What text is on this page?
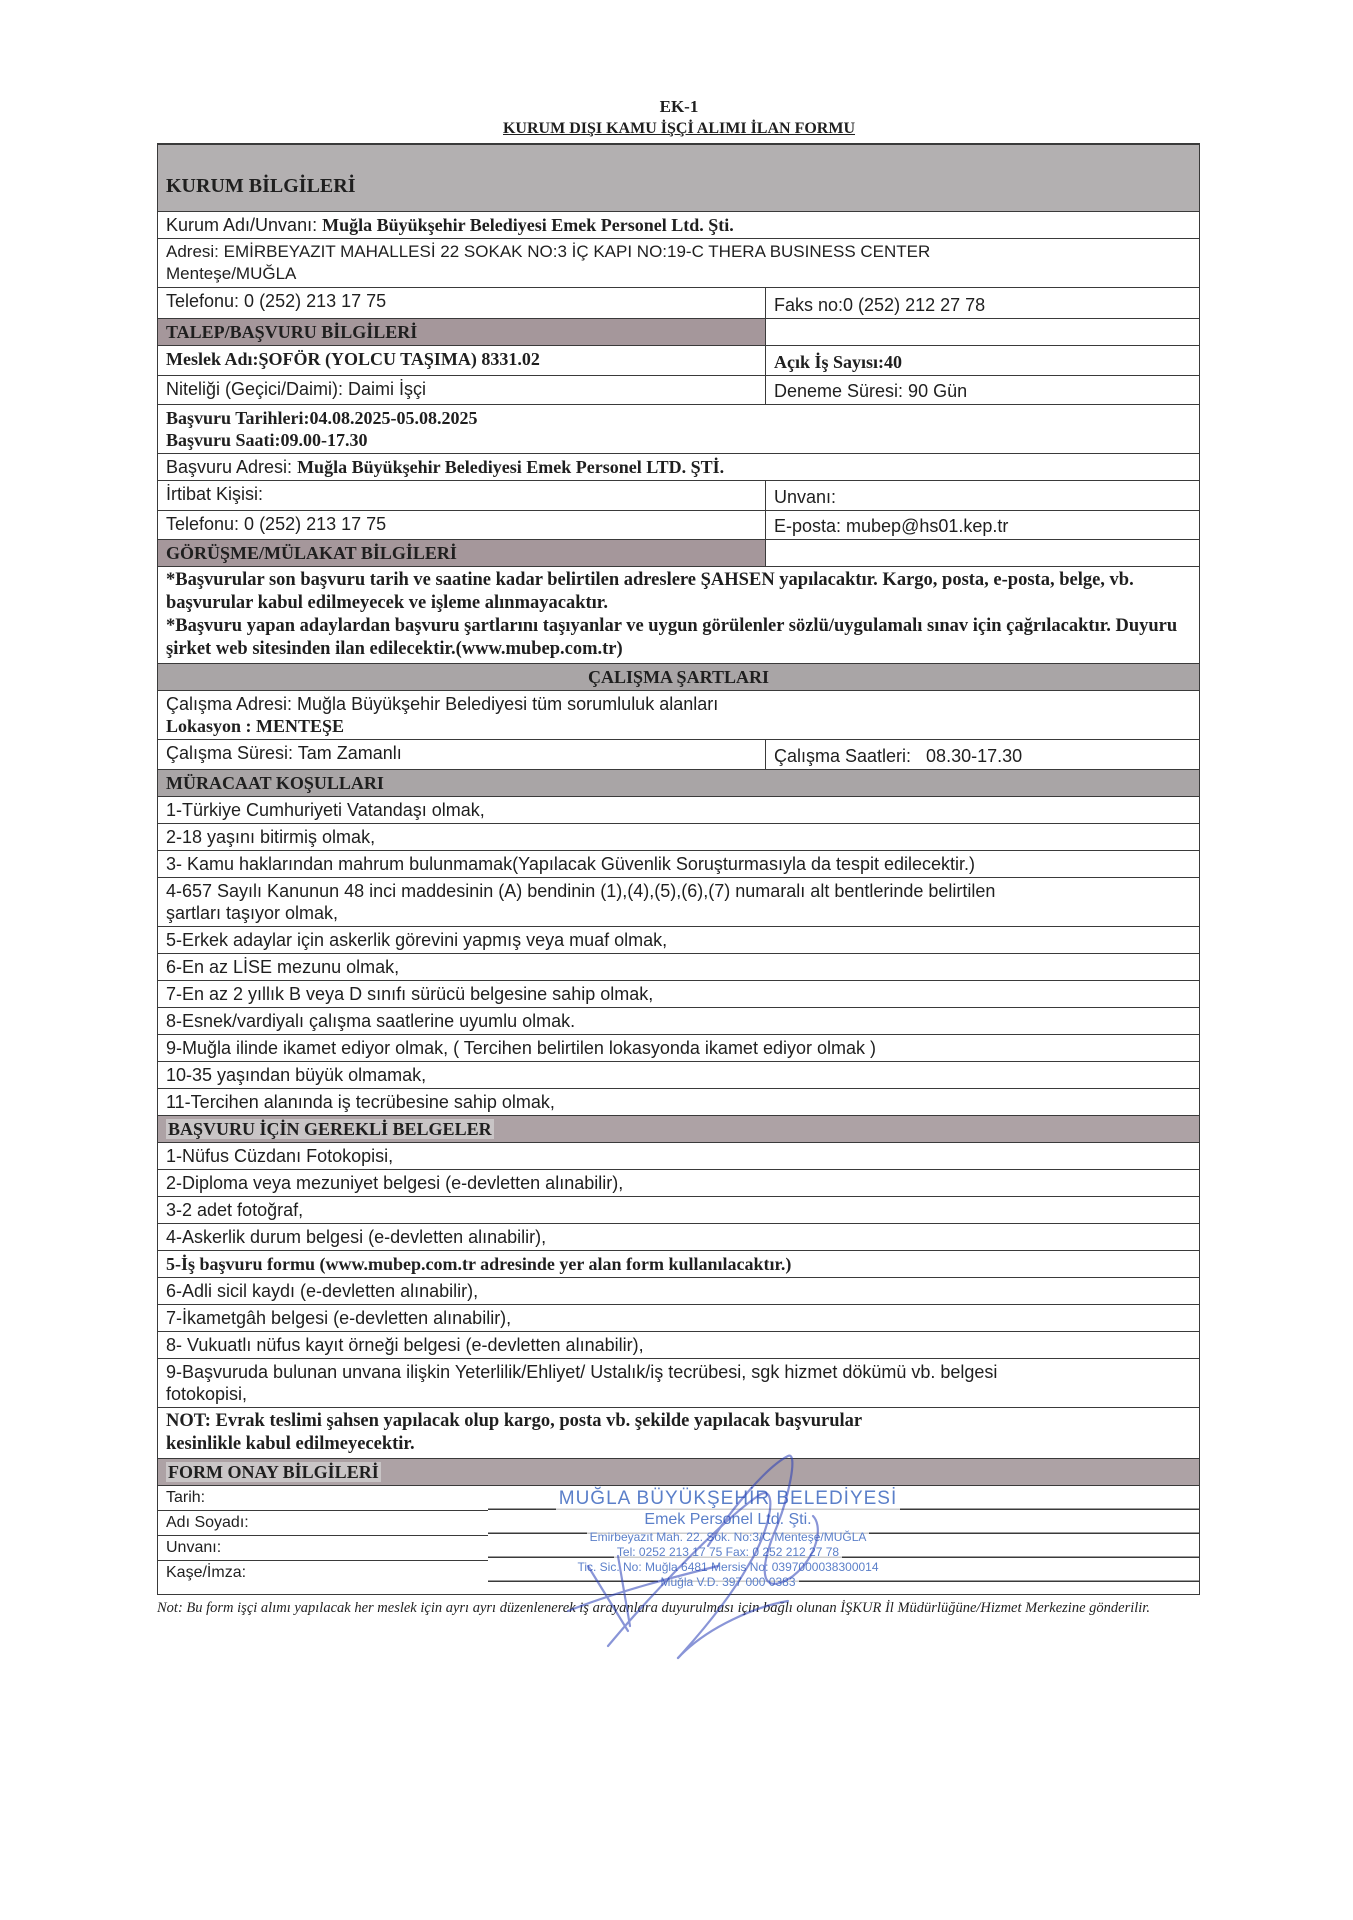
EK-1
KURUM DIŞI KAMU İŞÇİ ALIMI İLAN FORMU
KURUM BİLGİLERİ
Kurum Adı/Unvanı: Muğla Büyükşehir Belediyesi Emek Personel Ltd. Şti.
Adresi: EMİRBEYAZIT MAHALLESİ 22 SOKAK NO:3 İÇ KAPI NO:19-C THERA BUSINESS CENTER
Menteşe/MUĞLA
Telefonu: 0 (252) 213 17 75	Faks no:0 (252) 212 27 78
TALEP/BAŞVURU BİLGİLERİ
Meslek Adı:ŞOFÖR (YOLCU TAŞIMA) 8331.02	Açık İş Sayısı:40
Niteliği (Geçici/Daimi): Daimi İşçi	Deneme Süresi: 90 Gün
Başvuru Tarihleri:04.08.2025-05.08.2025
Başvuru Saati:09.00-17.30
Başvuru Adresi: Muğla Büyükşehir Belediyesi Emek Personel LTD. ŞTİ.
İrtibat Kişisi:	Unvanı:
Telefonu: 0 (252) 213 17 75	E-posta: mubep@hs01.kep.tr
GÖRÜŞME/MÜLAKAT BİLGİLERİ
*Başvurular son başvuru tarih ve saatine kadar belirtilen adreslere ŞAHSEN yapılacaktır. Kargo, posta, e-posta, belge, vb. başvurular kabul edilmeyecek ve işleme alınmayacaktır.
*Başvuru yapan adaylardan başvuru şartlarını taşıyanlar ve uygun görülenler sözlü/uygulamalı sınav için çağrılacaktır. Duyuru şirket web sitesinden ilan edilecektir.(www.mubep.com.tr)
ÇALIŞMA ŞARTLARI
Çalışma Adresi: Muğla Büyükşehir Belediyesi tüm sorumluluk alanları
Lokasyon : MENTEŞE
Çalışma Süresi: Tam Zamanlı	Çalışma Saatleri:   08.30-17.30
MÜRACAAT KOŞULLARI
1-Türkiye Cumhuriyeti Vatandaşı olmak,
2-18 yaşını bitirmiş olmak,
3- Kamu haklarından mahrum bulunmamak(Yapılacak Güvenlik Soruşturmasıyla da tespit edilecektir.)
4-657 Sayılı Kanunun 48 inci maddesinin (A) bendinin (1),(4),(5),(6),(7) numaralı alt bentlerinde belirtilen şartları taşıyor olmak,
5-Erkek adaylar için askerlik görevini yapmış veya muaf olmak,
6-En az LİSE mezunu olmak,
7-En az 2 yıllık B veya D sınıfı sürücü belgesine sahip olmak,
8-Esnek/vardiyalı çalışma saatlerine uyumlu olmak.
9-Muğla ilinde ikamet ediyor olmak, ( Tercihen belirtilen lokasyonda ikamet ediyor olmak )
10-35 yaşından büyük olmamak,
11-Tercihen alanında iş tecrübesine sahip olmak,
BAŞVURU İÇİN GEREKLİ BELGELER
1-Nüfus Cüzdanı Fotokopisi,
2-Diploma veya mezuniyet belgesi (e-devletten alınabilir),
3-2 adet fotoğraf,
4-Askerlik durum belgesi (e-devletten alınabilir),
5-İş başvuru formu (www.mubep.com.tr adresinde yer alan form kullanılacaktır.)
6-Adli sicil kaydı (e-devletten alınabilir),
7-İkametgâh belgesi (e-devletten alınabilir),
8- Vukuatlı nüfus kayıt örneği belgesi (e-devletten alınabilir),
9-Başvuruda bulunan unvana ilişkin Yeterlilik/Ehliyet/ Ustalık/iş tecrübesi, sgk hizmet dökümü vb. belgesi fotokopisi,
NOT: Evrak teslimi şahsen yapılacak olup kargo, posta vb. şekilde yapılacak başvurular kesinlikle kabul edilmeyecektir.
FORM ONAY BİLGİLERİ
Tarih:
Adı Soyadı:
Unvanı:
Kaşe/İmza:
MUĞLA BÜYÜKŞEHİR BELEDİYESİ
Emek Personel Ltd. Şti.
Emirbeyazıt Mah. 22. Sok. No:3/C Menteşe/MUĞLA
Tel: 0252 213 17 75 Fax: 0 252 212 27 78
Tic. Sic. No: Muğla 6481 Mersis No: 0397000038300014
Muğla V.D. 397 000 0383
Not: Bu form işçi alımı yapılacak her meslek için ayrı ayrı düzenlenerek iş arayanlara duyurulması için bağlı olunan İŞKUR İl Müdürlüğüne/Hizmet Merkezine gönderilir.
